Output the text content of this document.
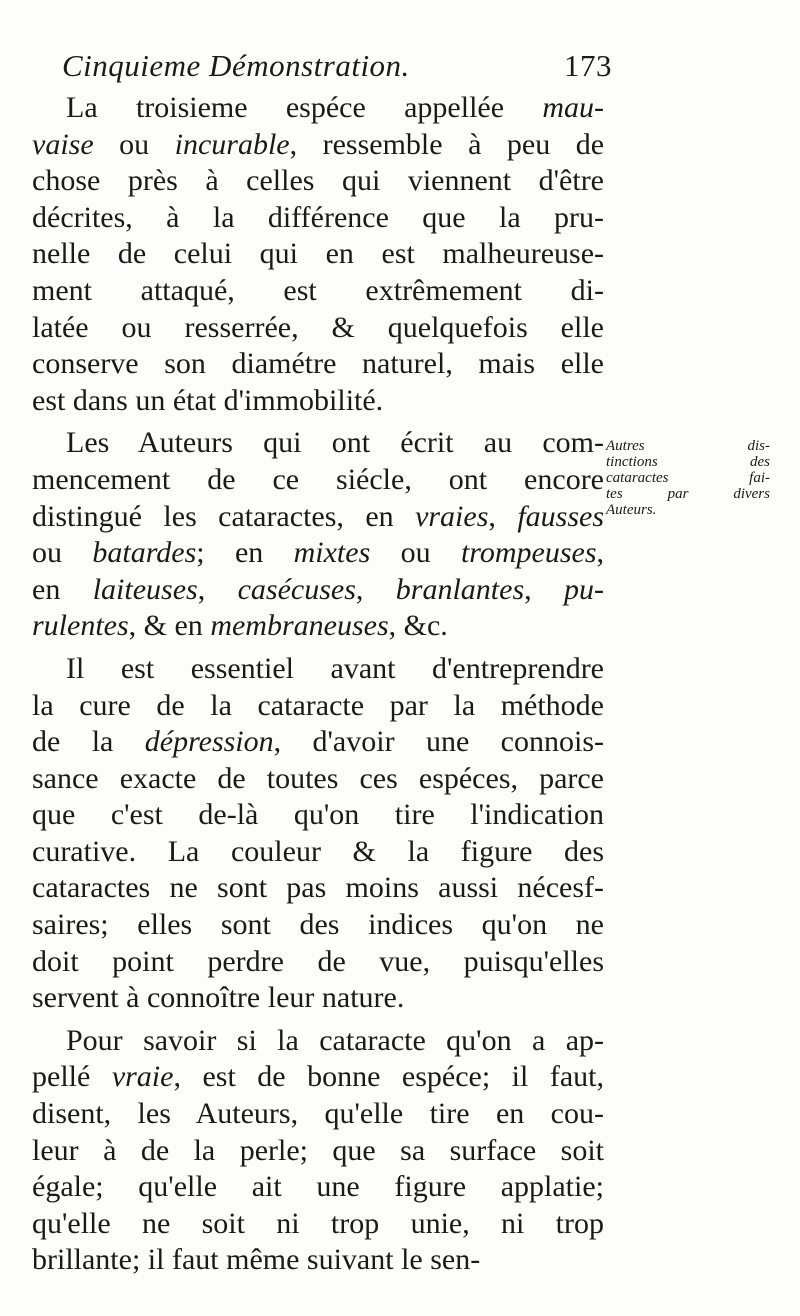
Cinquieme Démonstration.	173

La troisieme espéce appellée mau-

vaise ou incurable, ressemble à peu de

chose près à celles qui viennent d'être

décrites, à la différence que la pru-

nelle de celui qui en est malheureuse-

ment attaqué, est extrêmement di-

latée ou resserrée, & quelquefois elle

conserve son diamétre naturel, mais elle

est dans un état d'immobilité.

Les Auteurs qui ont écrit au com-

mencement de ce siécle, ont encore

distingué les cataractes, en vraies, fausses

ou batardes; en mixtes ou trompeuses,

en laiteuses, casécuses, branlantes, pu-

rulentes, & en membraneuses, &c.

Il est essentiel avant d'entreprendre

la cure de la cataracte par la méthode

de la dépression, d'avoir une connois-

sance exacte de toutes ces espéces, parce

que c'est de-là qu'on tire l'indication

curative. La couleur & la figure des

cataractes ne sont pas moins aussi nécesf-

saires; elles sont des indices qu'on ne

doit point perdre de vue, puisqu'elles

servent à connoître leur nature.

Pour savoir si la cataracte qu'on a ap-

pellé vraie, est de bonne espéce; il faut,

disent, les Auteurs, qu'elle tire en cou-

leur à de la perle; que sa surface soit

égale; qu'elle ait une figure applatie;

qu'elle ne soit ni trop unie, ni trop

brillante; il faut même suivant le sen-

Autres dis-

tinctions des

cataractes fai-

tes par divers

Auteurs.
